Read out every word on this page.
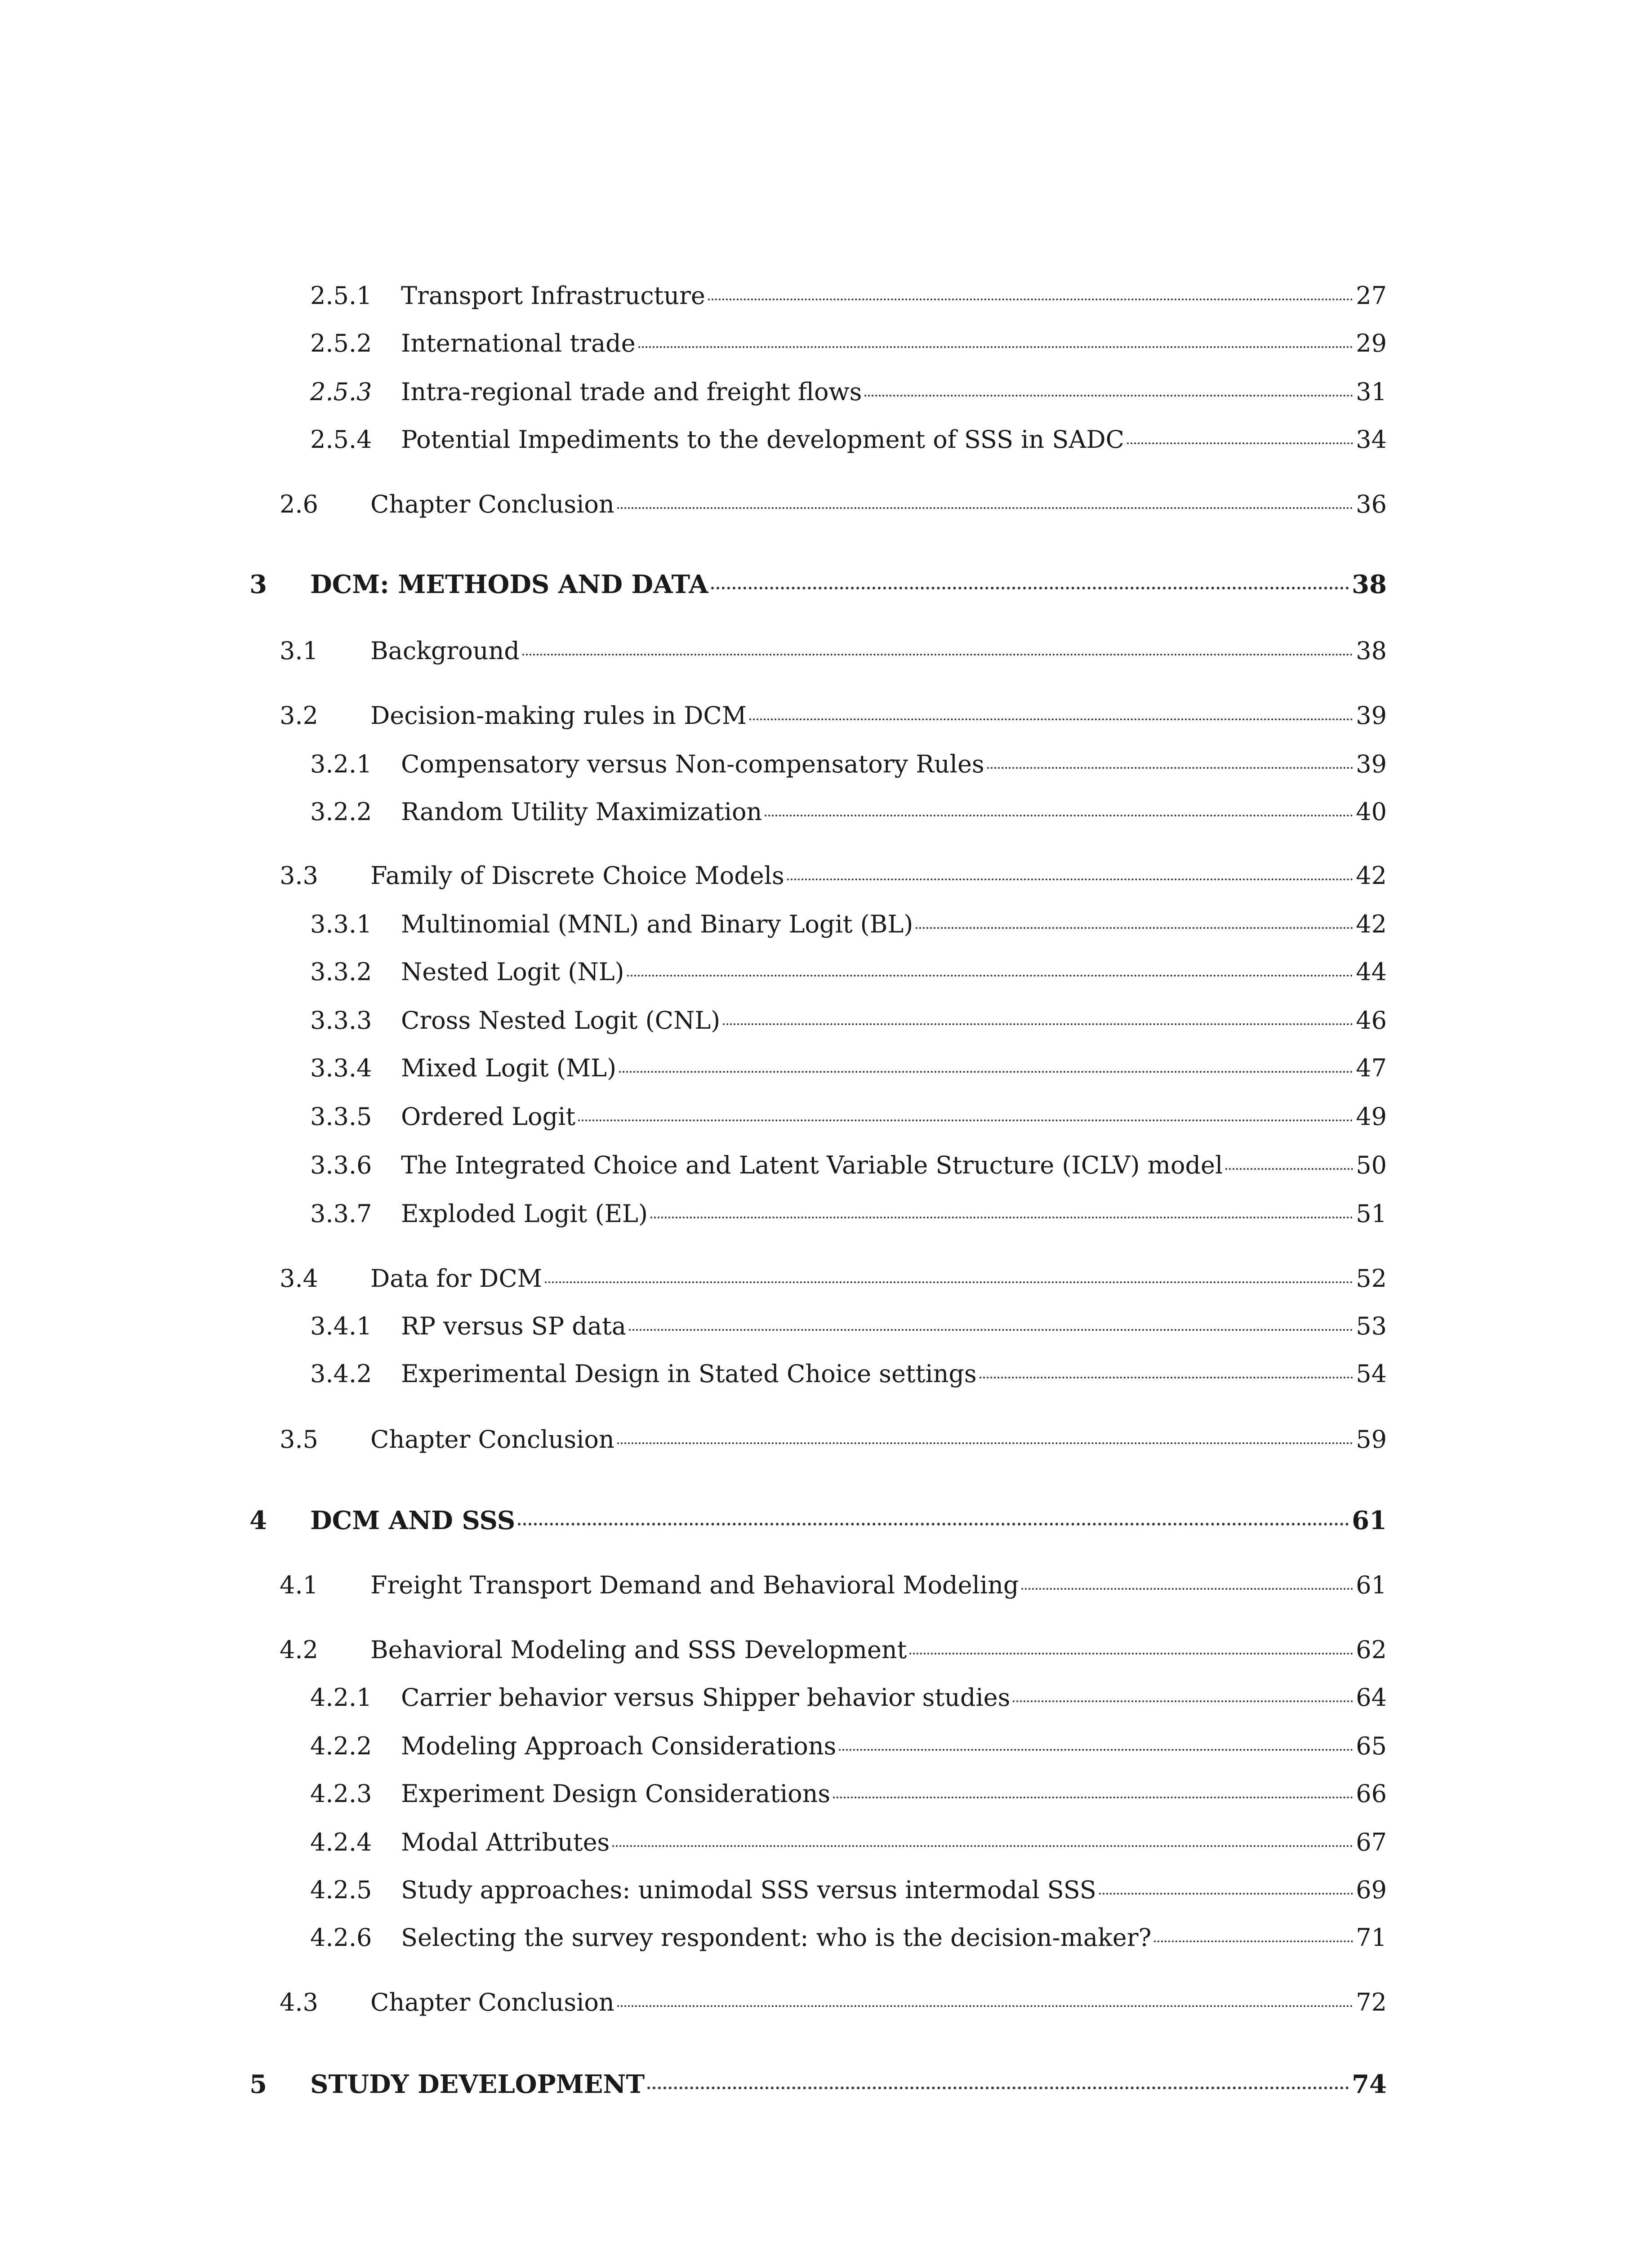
2.5.1	Transport Infrastructure	27
2.5.2	International trade	29
2.5.3	Intra-regional trade and freight flows	31
2.5.4	Potential Impediments to the development of SSS in SADC	34
2.6	Chapter Conclusion	36
3	DCM: METHODS AND DATA	38
3.1	Background	38
3.2	Decision-making rules in DCM	39
3.2.1	Compensatory versus Non-compensatory Rules	39
3.2.2	Random Utility Maximization	40
3.3	Family of Discrete Choice Models	42
3.3.1	Multinomial (MNL) and Binary Logit (BL)	42
3.3.2	Nested Logit (NL)	44
3.3.3	Cross Nested Logit (CNL)	46
3.3.4	Mixed Logit (ML)	47
3.3.5	Ordered Logit	49
3.3.6	The Integrated Choice and Latent Variable Structure (ICLV) model	50
3.3.7	Exploded Logit (EL)	51
3.4	Data for DCM	52
3.4.1	RP versus SP data	53
3.4.2	Experimental Design in Stated Choice settings	54
3.5	Chapter Conclusion	59
4	DCM AND SSS	61
4.1	Freight Transport Demand and Behavioral Modeling	61
4.2	Behavioral Modeling and SSS Development	62
4.2.1	Carrier behavior versus Shipper behavior studies	64
4.2.2	Modeling Approach Considerations	65
4.2.3	Experiment Design Considerations	66
4.2.4	Modal Attributes	67
4.2.5	Study approaches: unimodal SSS versus intermodal SSS	69
4.2.6	Selecting the survey respondent: who is the decision-maker?	71
4.3	Chapter Conclusion	72
5	STUDY DEVELOPMENT	74
